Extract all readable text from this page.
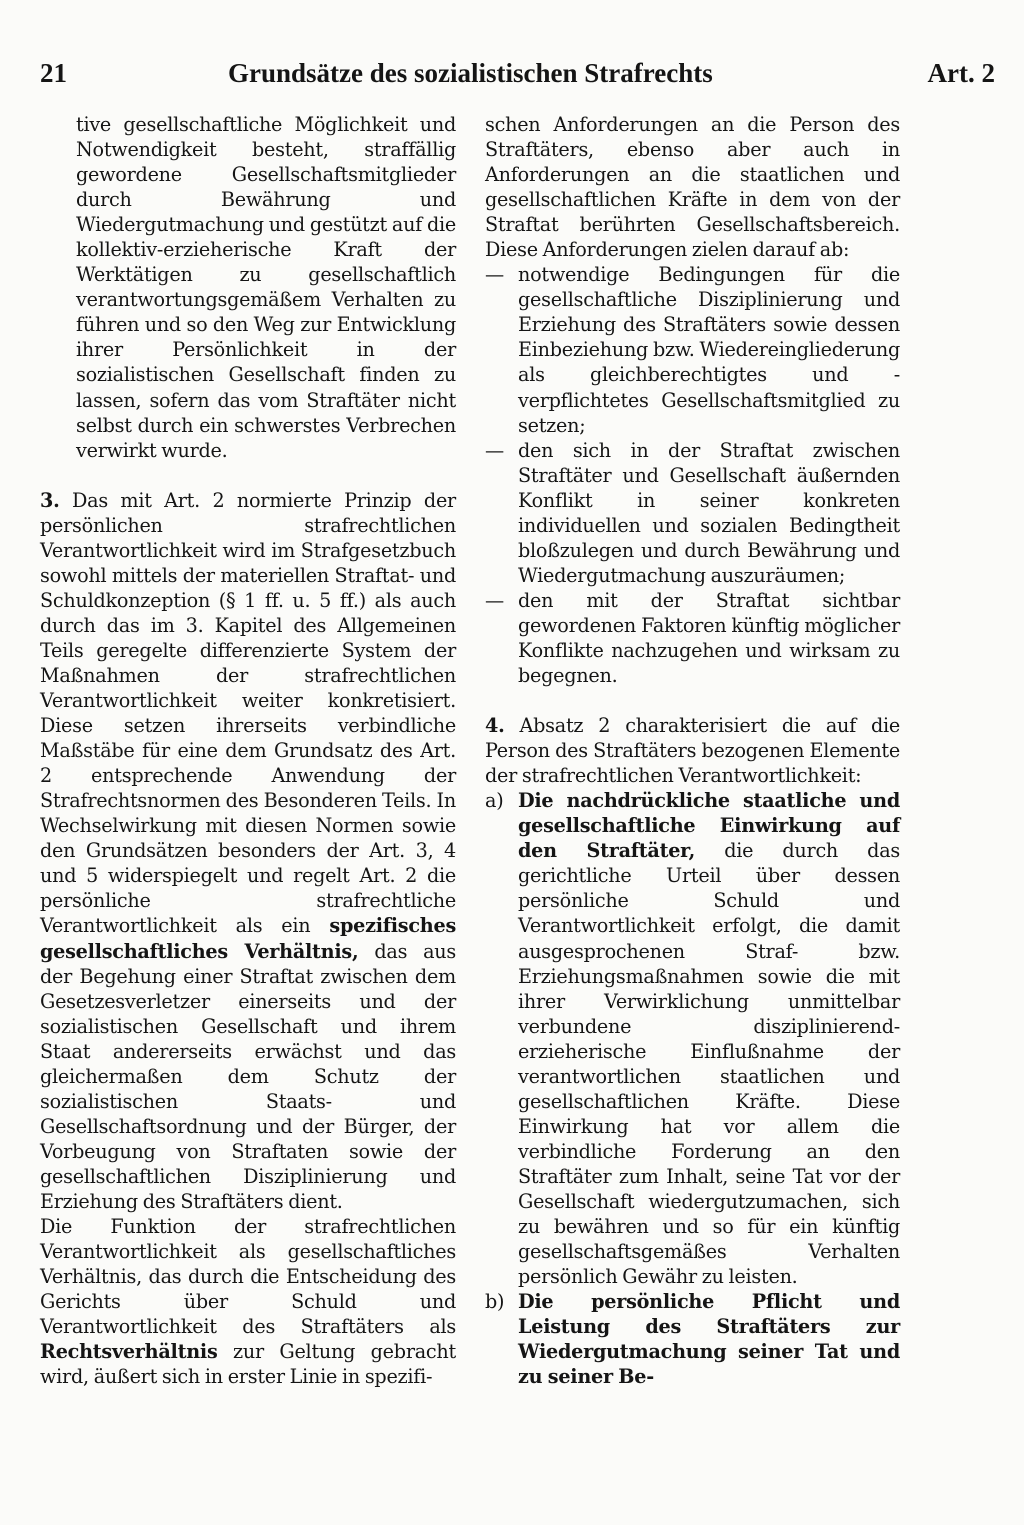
21	Grundsätze des sozialistischen Strafrechts	Art. 2

tive gesellschaftliche Möglichkeit und Notwendigkeit besteht, straffällig gewordene Gesellschaftsmitglieder durch Bewährung und Wiedergutmachung und gestützt auf die kollektiv-erzieherische Kraft der Werktätigen zu gesellschaftlich verantwortungsgemäßem Verhalten zu führen und so den Weg zur Entwicklung ihrer Persönlichkeit in der sozialistischen Gesellschaft finden zu lassen, sofern das vom Straftäter nicht selbst durch ein schwerstes Verbrechen verwirkt wurde.

3. Das mit Art. 2 normierte Prinzip der persönlichen strafrechtlichen Verantwortlichkeit wird im Strafgesetzbuch sowohl mittels der materiellen Straftat- und Schuldkonzeption (§ 1 ff. u. 5 ff.) als auch durch das im 3. Kapitel des Allgemeinen Teils geregelte differenzierte System der Maßnahmen der strafrechtlichen Verantwortlichkeit weiter konkretisiert. Diese setzen ihrerseits verbindliche Maßstäbe für eine dem Grundsatz des Art. 2 entsprechende Anwendung der Strafrechtsnormen des Besonderen Teils. In Wechselwirkung mit diesen Normen sowie den Grundsätzen besonders der Art. 3, 4 und 5 widerspiegelt und regelt Art. 2 die persönliche strafrechtliche Verantwortlichkeit als ein spezifisches gesellschaftliches Verhältnis, das aus der Begehung einer Straftat zwischen dem Gesetzesverletzer einerseits und der sozialistischen Gesellschaft und ihrem Staat andererseits erwächst und das gleichermaßen dem Schutz der sozialistischen Staats- und Gesellschaftsordnung und der Bürger, der Vorbeugung von Straftaten sowie der gesellschaftlichen Disziplinierung und Erziehung des Straftäters dient.

Die Funktion der strafrechtlichen Verantwortlichkeit als gesellschaftliches Verhältnis, das durch die Entscheidung des Gerichts über Schuld und Verantwortlichkeit des Straftäters als Rechtsverhältnis zur Geltung gebracht wird, äußert sich in erster Linie in spezifi-

schen Anforderungen an die Person des Straftäters, ebenso aber auch in Anforderungen an die staatlichen und gesellschaftlichen Kräfte in dem von der Straftat berührten Gesellschaftsbereich. Diese Anforderungen zielen darauf ab:

— notwendige Bedingungen für die gesellschaftliche Disziplinierung und Erziehung des Straftäters sowie dessen Einbeziehung bzw. Wiedereingliederung als gleichberechtigtes und -verpflichtetes Gesellschaftsmitglied zu setzen;

— den sich in der Straftat zwischen Straftäter und Gesellschaft äußernden Konflikt in seiner konkreten individuellen und sozialen Bedingtheit bloßzulegen und durch Bewährung und Wiedergutmachung auszuräumen;

— den mit der Straftat sichtbar gewordenen Faktoren künftig möglicher Konflikte nachzugehen und wirksam zu begegnen.

4. Absatz 2 charakterisiert die auf die Person des Straftäters bezogenen Elemente der strafrechtlichen Verantwortlichkeit:

a) Die nachdrückliche staatliche und gesellschaftliche Einwirkung auf den Straftäter, die durch das gerichtliche Urteil über dessen persönliche Schuld und Verantwortlichkeit erfolgt, die damit ausgesprochenen Straf- bzw. Erziehungsmaßnahmen sowie die mit ihrer Verwirklichung unmittelbar verbundene disziplinierend-erzieherische Einflußnahme der verantwortlichen staatlichen und gesellschaftlichen Kräfte. Diese Einwirkung hat vor allem die verbindliche Forderung an den Straftäter zum Inhalt, seine Tat vor der Gesellschaft wiedergutzumachen, sich zu bewähren und so für ein künftig gesellschaftsgemäßes Verhalten persönlich Gewähr zu leisten.

b) Die persönliche Pflicht und Leistung des Straftäters zur Wiedergutmachung seiner Tat und zu seiner Be-
